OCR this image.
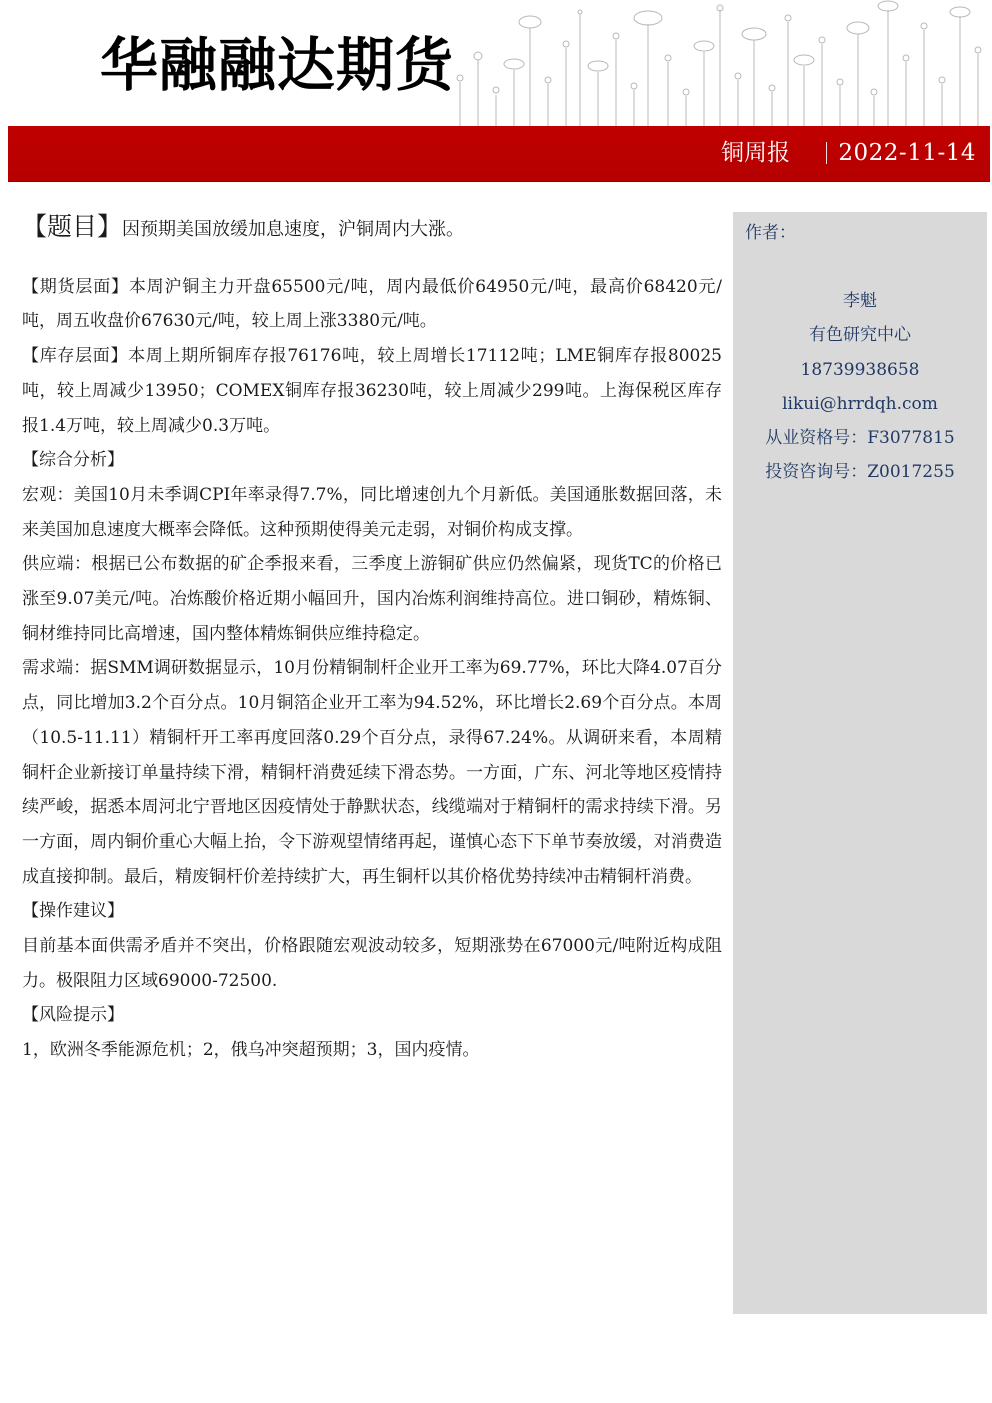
华融融达期货
铜周报 2022-11-14

【题目】因预期美国放缓加息速度，沪铜周内大涨。

【期货层面】本周沪铜主力开盘65500元/吨，周内最低价64950元/吨，最高价68420元/吨，周五收盘价67630元/吨，较上周上涨3380元/吨。

【库存层面】本周上期所铜库存报76176吨，较上周增长17112吨；LME铜库存报80025吨，较上周减少13950；COMEX铜库存报36230吨，较上周减少299吨。上海保税区库存报1.4万吨，较上周减少0.3万吨。

【综合分析】

宏观：美国10月未季调CPI年率录得7.7%，同比增速创九个月新低。美国通胀数据回落，未来美国加息速度大概率会降低。这种预期使得美元走弱，对铜价构成支撑。

供应端：根据已公布数据的矿企季报来看，三季度上游铜矿供应仍然偏紧，现货TC的价格已涨至9.07美元/吨。冶炼酸价格近期小幅回升，国内冶炼利润维持高位。进口铜砂，精炼铜、铜材维持同比高增速，国内整体精炼铜供应维持稳定。

需求端：据SMM调研数据显示，10月份精铜制杆企业开工率为69.77%，环比大降4.07百分点，同比增加3.2个百分点。10月铜箔企业开工率为94.52%，环比增长2.69个百分点。本周（10.5-11.11）精铜杆开工率再度回落0.29个百分点，录得67.24%。从调研来看，本周精铜杆企业新接订单量持续下滑，精铜杆消费延续下滑态势。一方面，广东、河北等地区疫情持续严峻，据悉本周河北宁晋地区因疫情处于静默状态，线缆端对于精铜杆的需求持续下滑。另一方面，周内铜价重心大幅上抬，令下游观望情绪再起，谨慎心态下下单节奏放缓，对消费造成直接抑制。最后，精废铜杆价差持续扩大，再生铜杆以其价格优势持续冲击精铜杆消费。

【操作建议】

目前基本面供需矛盾并不突出，价格跟随宏观波动较多，短期涨势在67000元/吨附近构成阻力。极限阻力区域69000-72500.

【风险提示】

1，欧洲冬季能源危机；2，俄乌冲突超预期；3，国内疫情。

作者：
李魁
有色研究中心
18739938658
likui@hrrdqh.com
从业资格号：F3077815
投资咨询号：Z0017255
